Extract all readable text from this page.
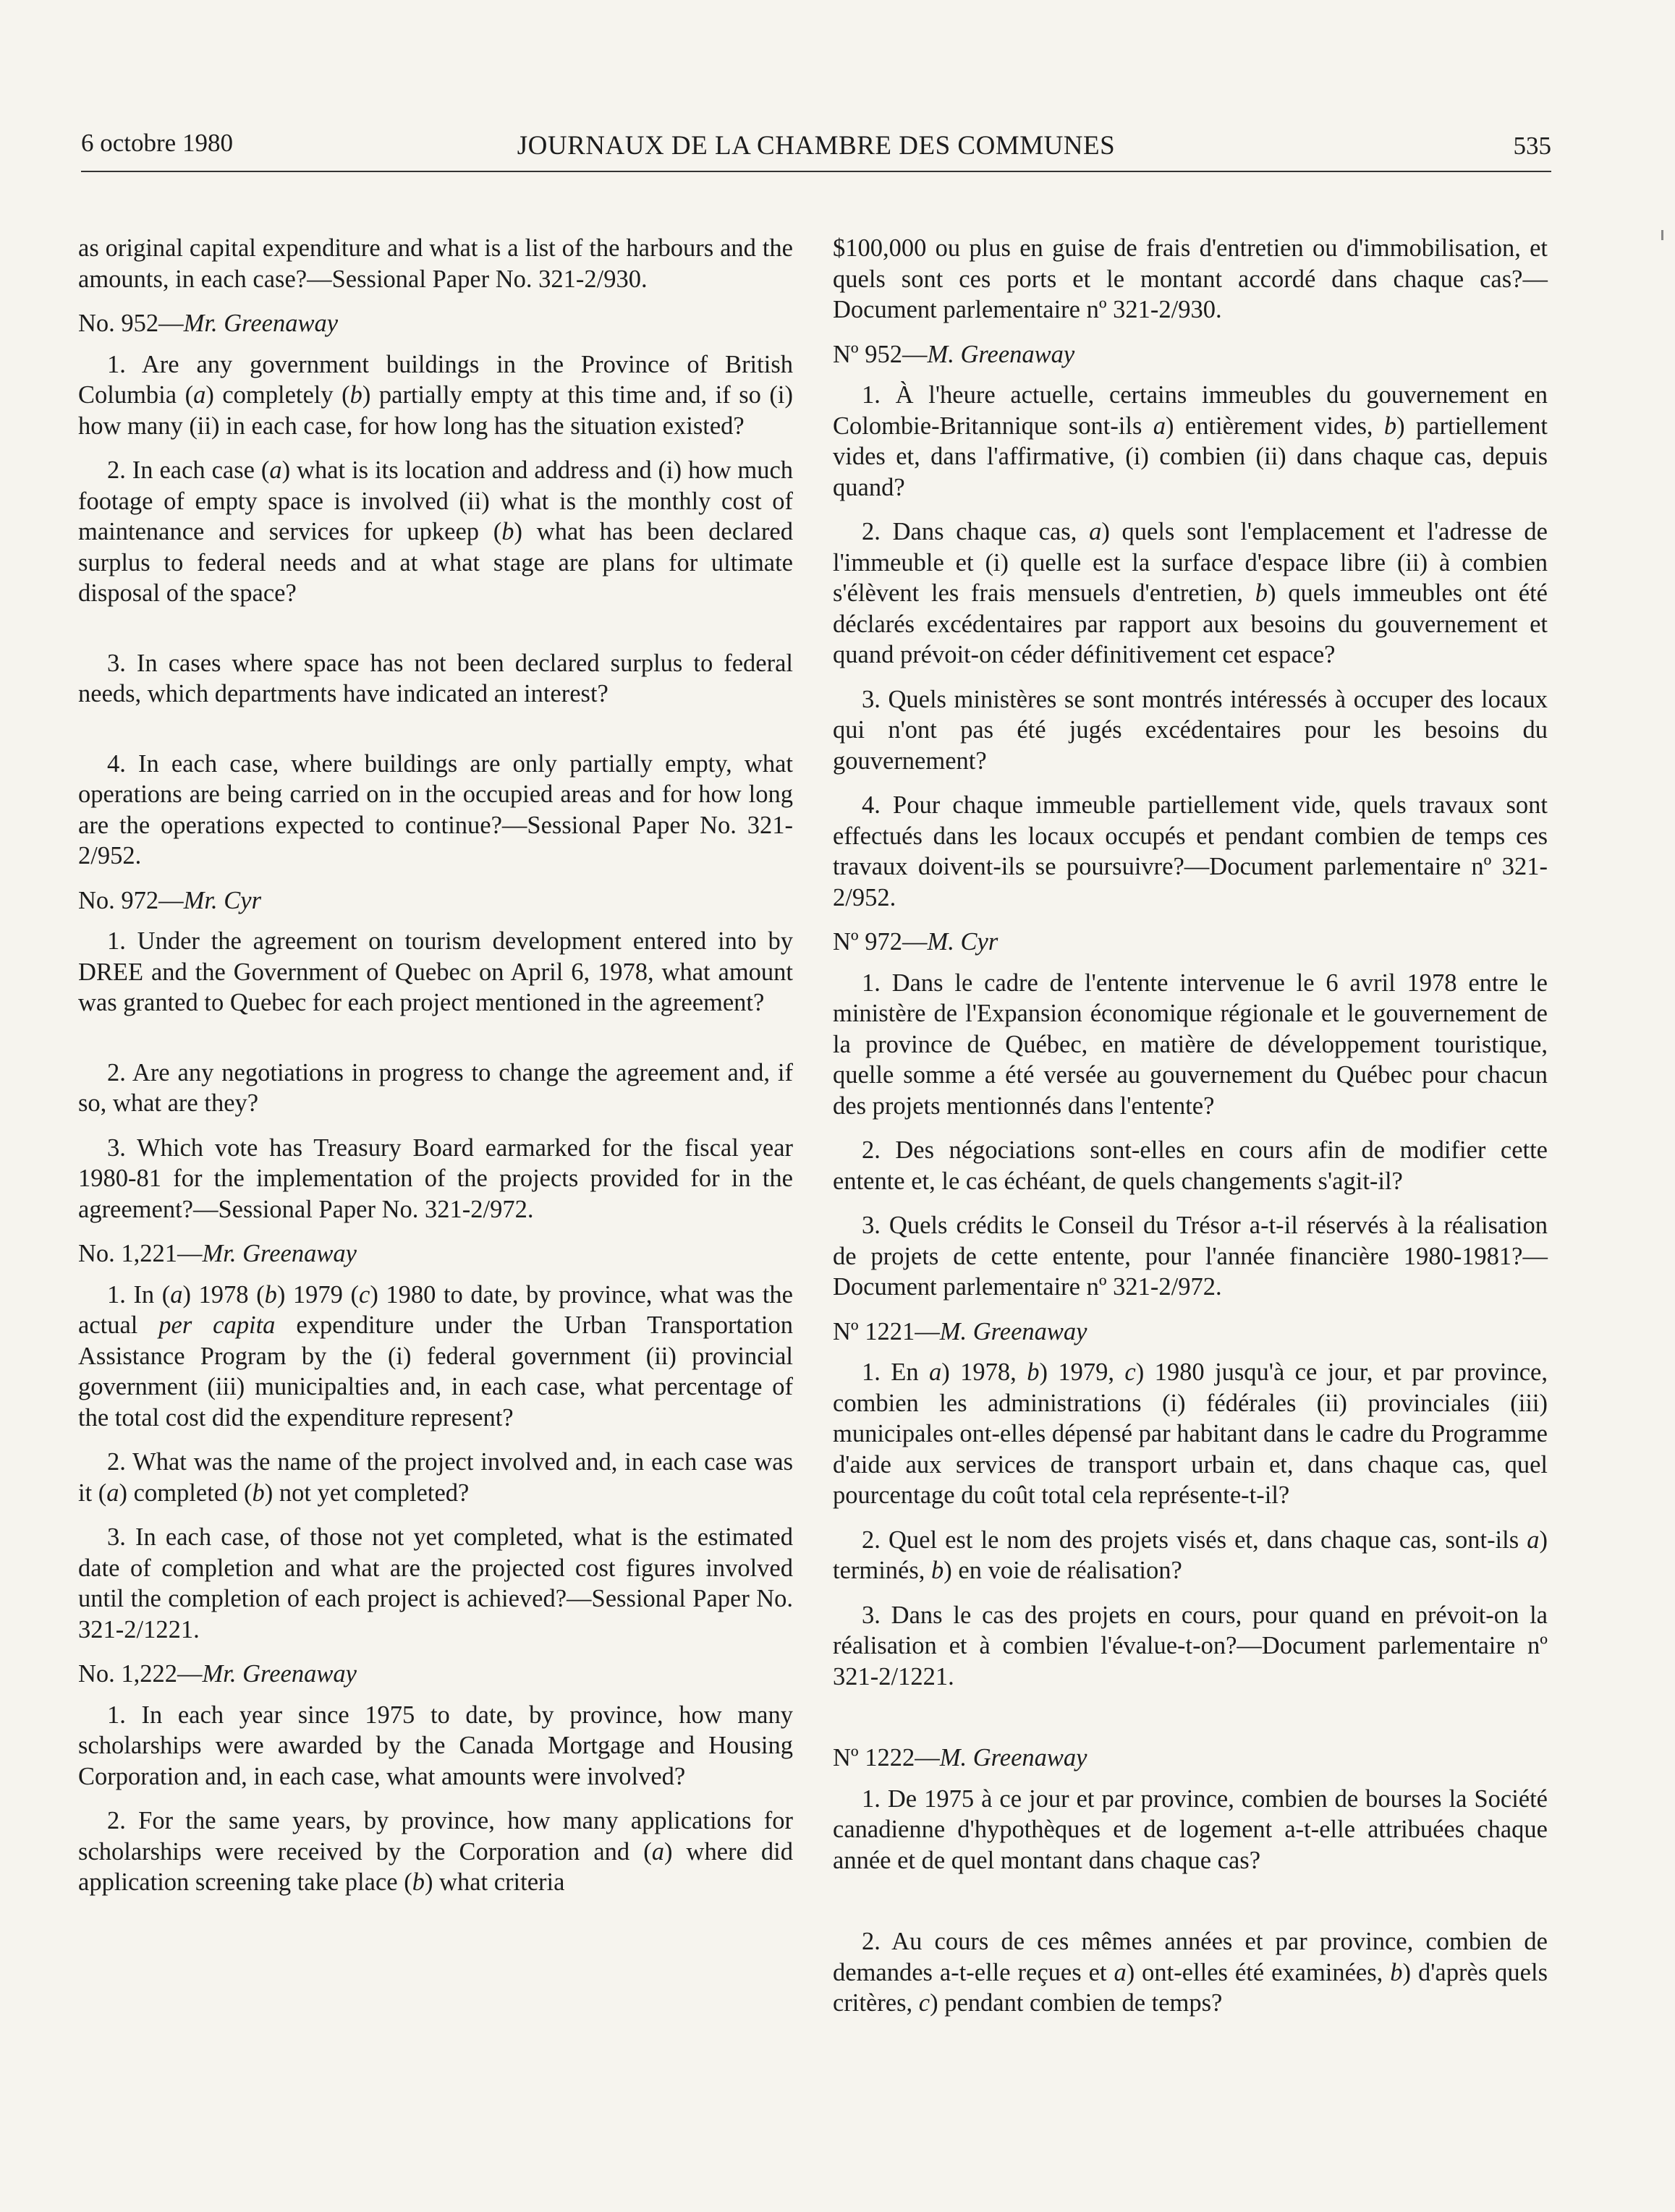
6 octobre 1980	JOURNAUX DE LA CHAMBRE DES COMMUNES	535

as original capital expenditure and what is a list of the harbours and the amounts, in each case?—Sessional Paper No. 321-2/930.

No. 952—Mr. Greenaway

1. Are any government buildings in the Province of British Columbia (a) completely (b) partially empty at this time and, if so (i) how many (ii) in each case, for how long has the situation existed?

2. In each case (a) what is its location and address and (i) how much footage of empty space is involved (ii) what is the monthly cost of maintenance and services for upkeep (b) what has been declared surplus to federal needs and at what stage are plans for ultimate disposal of the space?

3. In cases where space has not been declared surplus to federal needs, which departments have indicated an interest?

4. In each case, where buildings are only partially empty, what operations are being carried on in the occupied areas and for how long are the operations expected to continue?—Sessional Paper No. 321-2/952.

No. 972—Mr. Cyr

1. Under the agreement on tourism development entered into by DREE and the Government of Quebec on April 6, 1978, what amount was granted to Quebec for each project mentioned in the agreement?

2. Are any negotiations in progress to change the agreement and, if so, what are they?

3. Which vote has Treasury Board earmarked for the fiscal year 1980-81 for the implementation of the projects provided for in the agreement?—Sessional Paper No. 321-2/972.

No. 1,221—Mr. Greenaway

1. In (a) 1978 (b) 1979 (c) 1980 to date, by province, what was the actual per capita expenditure under the Urban Transportation Assistance Program by the (i) federal government (ii) provincial government (iii) municipalties and, in each case, what percentage of the total cost did the expenditure represent?

2. What was the name of the project involved and, in each case was it (a) completed (b) not yet completed?

3. In each case, of those not yet completed, what is the estimated date of completion and what are the projected cost figures involved until the completion of each project is achieved?—Sessional Paper No. 321-2/1221.

No. 1,222—Mr. Greenaway

1. In each year since 1975 to date, by province, how many scholarships were awarded by the Canada Mortgage and Housing Corporation and, in each case, what amounts were involved?

2. For the same years, by province, how many applications for scholarships were received by the Corporation and (a) where did application screening take place (b) what criteria

$100,000 ou plus en guise de frais d'entretien ou d'immobilisation, et quels sont ces ports et le montant accordé dans chaque cas?—Document parlementaire nº 321-2/930.

Nº 952—M. Greenaway

1. À l'heure actuelle, certains immeubles du gouvernement en Colombie-Britannique sont-ils a) entièrement vides, b) partiellement vides et, dans l'affirmative, (i) combien (ii) dans chaque cas, depuis quand?

2. Dans chaque cas, a) quels sont l'emplacement et l'adresse de l'immeuble et (i) quelle est la surface d'espace libre (ii) à combien s'élèvent les frais mensuels d'entretien, b) quels immeubles ont été déclarés excédentaires par rapport aux besoins du gouvernement et quand prévoit-on céder définitivement cet espace?

3. Quels ministères se sont montrés intéressés à occuper des locaux qui n'ont pas été jugés excédentaires pour les besoins du gouvernement?

4. Pour chaque immeuble partiellement vide, quels travaux sont effectués dans les locaux occupés et pendant combien de temps ces travaux doivent-ils se poursuivre?—Document parlementaire nº 321-2/952.

Nº 972—M. Cyr

1. Dans le cadre de l'entente intervenue le 6 avril 1978 entre le ministère de l'Expansion économique régionale et le gouvernement de la province de Québec, en matière de développement touristique, quelle somme a été versée au gouvernement du Québec pour chacun des projets mentionnés dans l'entente?

2. Des négociations sont-elles en cours afin de modifier cette entente et, le cas échéant, de quels changements s'agit-il?

3. Quels crédits le Conseil du Trésor a-t-il réservés à la réalisation de projets de cette entente, pour l'année financière 1980-1981?—Document parlementaire nº 321-2/972.

Nº 1221—M. Greenaway

1. En a) 1978, b) 1979, c) 1980 jusqu'à ce jour, et par province, combien les administrations (i) fédérales (ii) provinciales (iii) municipales ont-elles dépensé par habitant dans le cadre du Programme d'aide aux services de transport urbain et, dans chaque cas, quel pourcentage du coût total cela représente-t-il?

2. Quel est le nom des projets visés et, dans chaque cas, sont-ils a) terminés, b) en voie de réalisation?

3. Dans le cas des projets en cours, pour quand en prévoit-on la réalisation et à combien l'évalue-t-on?—Document parlementaire nº 321-2/1221.

Nº 1222—M. Greenaway

1. De 1975 à ce jour et par province, combien de bourses la Société canadienne d'hypothèques et de logement a-t-elle attribuées chaque année et de quel montant dans chaque cas?

2. Au cours de ces mêmes années et par province, combien de demandes a-t-elle reçues et a) ont-elles été examinées, b) d'après quels critères, c) pendant combien de temps?
